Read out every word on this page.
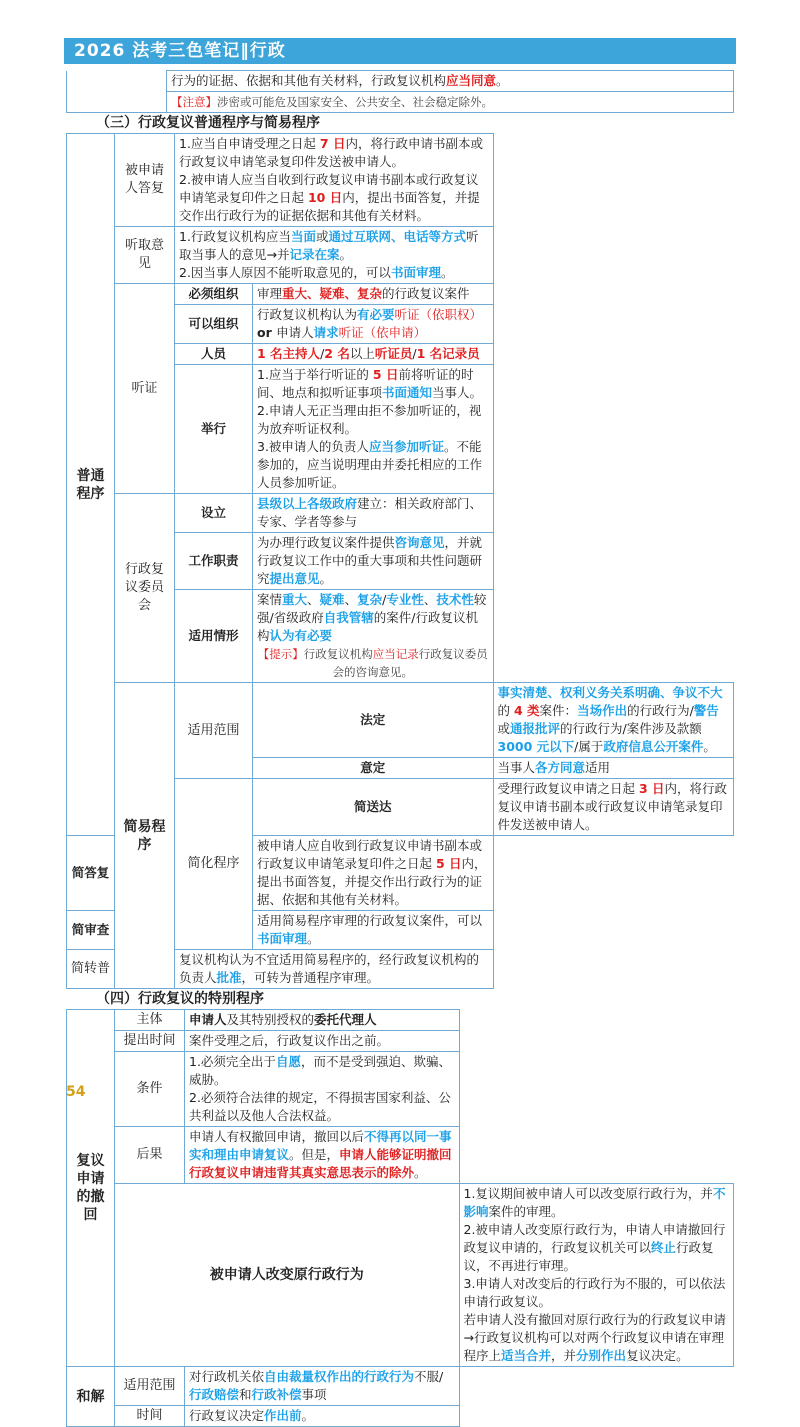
2026 法考三色笔记‖行政
	行为的证据、依据和其他有关材料，行政复议机构应当同意。
	【注意】涉密或可能危及国家安全、公共安全、社会稳定除外。
（三）行政复议普通程序与简易程序
普通程序	被申请人答复	1.应当自申请受理之日起 7 日内，将行政申请书副本或行政复议申请笔录复印件发送被申请人。
2.被申请人应当自收到行政复议申请书副本或行政复议申请笔录复印件之日起 10 日内，提出书面答复，并提交作出行政行为的证据依据和其他有关材料。		

	听取意见	1.行政复议机构应当当面或通过互联网、电话等方式听取当事人的意见→并记录在案。
2.因当事人原因不能听取意见的，可以书面审理。		

	听证	必须组织	审理重大、疑难、复杂的行政复议案件	
		可以组织	行政复议机构认为有必要听证（依职权） or 申请人请求听证（依申请）	
		人员	1 名主持人/2 名以上听证员/1 名记录员	
		举行	1.应当于举行听证的 5 日前将听证的时间、地点和拟听证事项书面通知当事人。
2.申请人无正当理由拒不参加听证的，视为放弃听证权利。
3.被申请人的负责人应当参加听证。不能参加的，应当说明理由并委托相应的工作人员参加听证。	

	行政复议委员会	设立	县级以上各级政府建立：相关政府部门、专家、学者等参与	
		工作职责	为办理行政复议案件提供咨询意见，并就行政复议工作中的重大事项和共性问题研究提出意见。	
		适用情形	案情重大、疑难、复杂/专业性、技术性较强/省级政府自我管辖的案件/行政复议机构认为有必要
【提示】行政复议机构应当记录行政复议委员会的咨询意见。	

	简易程序	适用范围	法定	事实清楚、权利义务关系明确、争议不大的 4 类案件：当场作出的行政行为/警告或通报批评的行政行为/案件涉及款额 3000 元以下/属于政府信息公开案件。
			意定	当事人各方同意适用
		简化程序	简送达	受理行政复议申请之日起 3 日内，将行政复议申请书副本或行政复议申请笔录复印件发送被申请人。
简答复			被申请人应自收到行政复议申请书副本或行政复议申请笔录复印件之日起 5 日内，提出书面答复，并提交作出行政行为的证据、依据和其他有关材料。	
简审查			适用简易程序审理的行政复议案件，可以书面审理。	
简转普		复议机构认为不宜适用简易程序的，经行政复议机构的负责人批准，可转为普通程序审理。		
（四）行政复议的特别程序
复议申请的撤回	主体	申请人及其特别授权的委托代理人	
	提出时间	案件受理之后，行政复议作出之前。	
	条件	1.必须完全出于自愿，而不是受到强迫、欺骗、威胁。
2.必须符合法律的规定，不得损害国家利益、公共利益以及他人合法权益。	

	后果	申请人有权撤回申请，撤回以后不得再以同一事实和理由申请复议。但是，申请人能够证明撤回行政复议申请违背其真实意思表示的除外。	
	被申请人改变原行政行为		1.复议期间被申请人可以改变原行政行为，并不影响案件的审理。
2.被申请人改变原行政行为，申请人申请撤回行政复议申请的，行政复议机关可以终止行政复议，不再进行审理。
3.申请人对改变后的行政行为不服的，可以依法申请行政复议。
若申请人没有撤回对原行政行为的行政复议申请→行政复议机构可以对两个行政复议申请在审理程序上适当合并，并分别作出复议决定。

和解	适用范围	对行政机关依自由裁量权作出的行政行为不服/行政赔偿和行政补偿事项	
	时间	行政复议决定作出前。	
54
